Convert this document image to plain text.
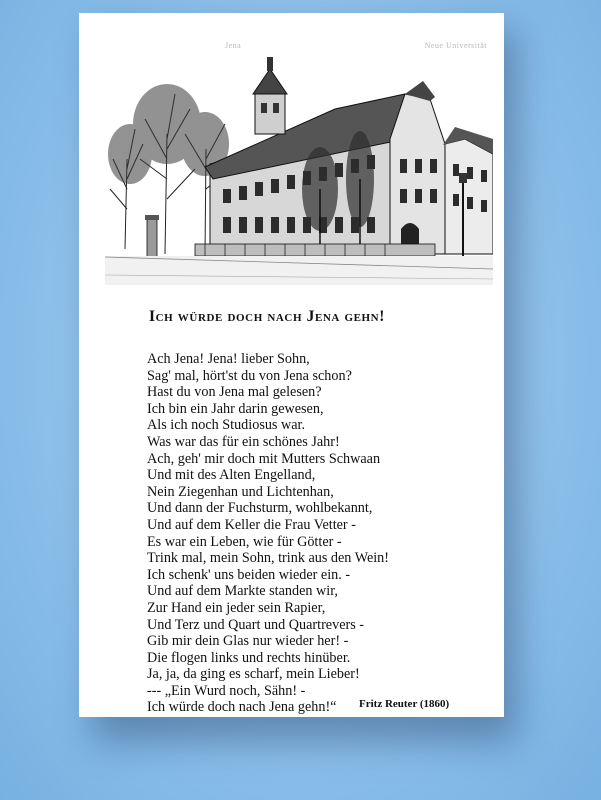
Jena	Neue Universität
Ich würde doch nach Jena gehn!
Ach Jena! Jena! lieber Sohn,
Sag' mal, hört'st du von Jena schon?
Hast du von Jena mal gelesen?
Ich bin ein Jahr darin gewesen,
Als ich noch Studiosus war.
Was war das für ein schönes Jahr!
Ach, geh' mir doch mit Mutters Schwaan
Und mit des Alten Engelland,
Nein Ziegenhan und Lichtenhan,
Und dann der Fuchsturm, wohlbekannt,
Und auf dem Keller die Frau Vetter -
Es war ein Leben, wie für Götter -
Trink mal, mein Sohn, trink aus den Wein!
Ich schenk' uns beiden wieder ein. -
Und auf dem Markte standen wir,
Zur Hand ein jeder sein Rapier,
Und Terz und Quart und Quartrevers -
Gib mir dein Glas nur wieder her! -
Die flogen links und rechts hinüber.
Ja, ja, da ging es scharf, mein Lieber!
--- „Ein Wurd noch, Sähn! -
Ich würde doch nach Jena gehn!“	Fritz Reuter (1860)
